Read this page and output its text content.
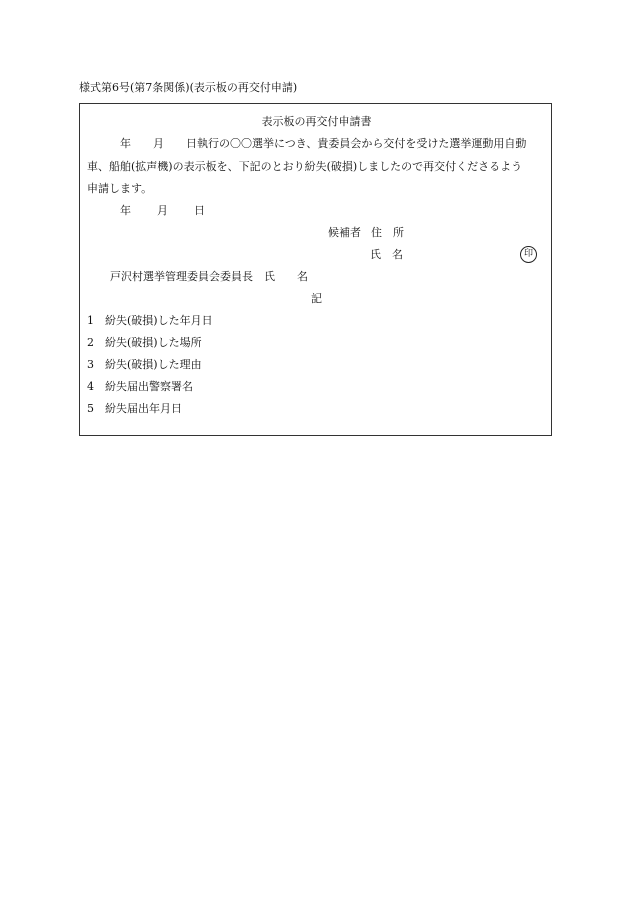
様式第6号(第7条関係)(表示板の再交付申請)
表示板の再交付申請書
年　　月　　日執行の〇〇選挙につき、貴委員会から交付を受けた選挙運動用自動
車、船舶(拡声機)の表示板を、下記のとおり紛失(破損)しましたので再交付くださるよう
申請します。
年 月 日
候補者 住　所
氏　名	印
戸沢村選挙管理委員会委員長　氏　　名
記
1 紛失(破損)した年月日
2 紛失(破損)した場所
3 紛失(破損)した理由
4 紛失届出警察署名
5 紛失届出年月日
